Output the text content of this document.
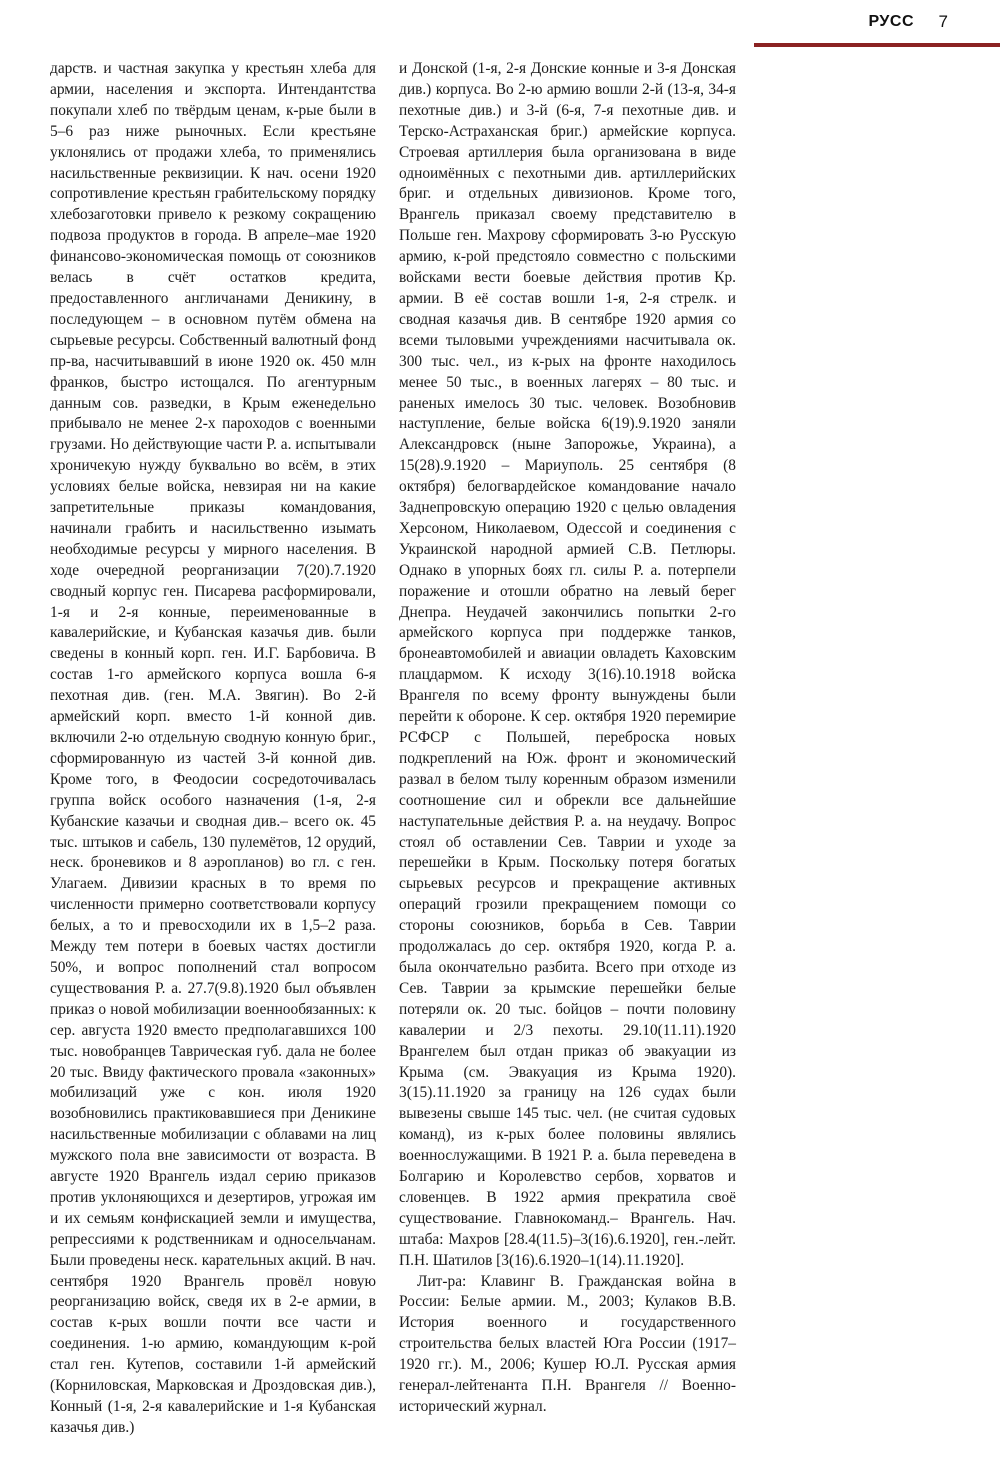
РУСС 7

дарств. и частная закупка у крестьян хлеба для армии, населения и экспорта. Интендантства покупали хлеб по твёрдым ценам, к-рые были в 5–6 раз ниже рыночных. Если крестьяне уклонялись от продажи хлеба, то применялись насильственные реквизиции. К нач. осени 1920 сопротивление крестьян грабительскому порядку хлебозаготовки привело к резкому сокращению подвоза продуктов в города. В апреле–мае 1920 финансово-экономическая помощь от союзников велась в счёт остатков кредита, предоставленного англичанами Деникину, в последующем – в основном путём обмена на сырьевые ресурсы. Собственный валютный фонд пр-ва, насчитывавший в июне 1920 ок. 450 млн франков, быстро истощался. По агентурным данным сов. разведки, в Крым еженедельно прибывало не менее 2-х пароходов с военными грузами. Но действующие части Р. а. испытывали хроничекую нужду буквально во всём, в этих условиях белые войска, невзирая ни на какие запретительные приказы командования, начинали грабить и насильственно изымать необходимые ресурсы у мирного населения. В ходе очередной реорганизации 7(20).7.1920 сводный корпус ген. Писарева расформировали, 1-я и 2-я конные, переименованные в кавалерийские, и Кубанская казачья див. были сведены в конный корп. ген. И.Г. Барбовича. В состав 1-го армейского корпуса вошла 6-я пехотная див. (ген. М.А. Звягин). Во 2-й армейский корп. вместо 1-й конной див. включили 2-ю отдельную сводную конную бриг., сформированную из частей 3-й конной див. Кроме того, в Феодосии сосредоточивалась группа войск особого назначения (1-я, 2-я Кубанские казачьи и сводная див.– всего ок. 45 тыс. штыков и сабель, 130 пулемётов, 12 орудий, неск. броневиков и 8 аэропланов) во гл. с ген. Улагаем. Дивизии красных в то время по численности примерно соответствовали корпусу белых, а то и превосходили их в 1,5–2 раза. Между тем потери в боевых частях достигли 50%, и вопрос пополнений стал вопросом существования Р. а. 27.7(9.8).1920 был объявлен приказ о новой мобилизации военнообязанных: к сер. августа 1920 вместо предполагавшихся 100 тыс. новобранцев Таврическая губ. дала не более 20 тыс. Ввиду фактического провала «законных» мобилизаций уже с кон. июля 1920 возобновились практиковавшиеся при Деникине насильственные мобилизации с облавами на лиц мужского пола вне зависимости от возраста. В августе 1920 Врангель издал серию приказов против уклоняющихся и дезертиров, угрожая им и их семьям конфискацией земли и имущества, репрессиями к родственникам и односельчанам. Были проведены неск. карательных акций. В нач. сентября 1920 Врангель провёл новую реорганизацию войск, сведя их в 2-е армии, в состав к-рых вошли почти все части и соединения. 1-ю армию, командующим к-рой стал ген. Кутепов, составили 1-й армейский (Корниловская, Марковская и Дроздовская див.), Конный (1-я, 2-я кавалерийские и 1-я Кубанская казачья див.)

и Донской (1-я, 2-я Донские конные и 3-я Донская див.) корпуса. Во 2-ю армию вошли 2-й (13-я, 34-я пехотные див.) и 3-й (6-я, 7-я пехотные див. и Терско-Астраханская бриг.) армейские корпуса. Строевая артиллерия была организована в виде одноимённых с пехотными див. артиллерийских бриг. и отдельных дивизионов. Кроме того, Врангель приказал своему представителю в Польше ген. Махрову сформировать 3-ю Русскую армию, к-рой предстояло совместно с польскими войсками вести боевые действия против Кр. армии. В её состав вошли 1-я, 2-я стрелк. и сводная казачья див. В сентябре 1920 армия со всеми тыловыми учреждениями насчитывала ок. 300 тыс. чел., из к-рых на фронте находилось менее 50 тыс., в военных лагерях – 80 тыс. и раненых имелось 30 тыс. человек. Возобновив наступление, белые войска 6(19).9.1920 заняли Александровск (ныне Запорожье, Украина), а 15(28).9.1920 – Мариуполь. 25 сентября (8 октября) белогвардейское командование начало Заднепровскую операцию 1920 с целью овладения Херсоном, Николаевом, Одессой и соединения с Украинской народной армией С.В. Петлюры. Однако в упорных боях гл. силы Р. а. потерпели поражение и отошли обратно на левый берег Днепра. Неудачей закончились попытки 2-го армейского корпуса при поддержке танков, бронеавтомобилей и авиации овладеть Каховским плацдармом. К исходу 3(16).10.1918 войска Врангеля по всему фронту вынуждены были перейти к обороне. К сер. октября 1920 перемирие РСФСР с Польшей, переброска новых подкреплений на Юж. фронт и экономический развал в белом тылу коренным образом изменили соотношение сил и обрекли все дальнейшие наступательные действия Р. а. на неудачу. Вопрос стоял об оставлении Сев. Таврии и уходе за перешейки в Крым. Поскольку потеря богатых сырьевых ресурсов и прекращение активных операций грозили прекращением помощи со стороны союзников, борьба в Сев. Таврии продолжалась до сер. октября 1920, когда Р. а. была окончательно разбита. Всего при отходе из Сев. Таврии за крымские перешейки белые потеряли ок. 20 тыс. бойцов – почти половину кавалерии и 2/3 пехоты. 29.10(11.11).1920 Врангелем был отдан приказ об эвакуации из Крыма (см. Эвакуация из Крыма 1920). 3(15).11.1920 за границу на 126 судах были вывезены свыше 145 тыс. чел. (не считая судовых команд), из к-рых более половины являлись военнослужащими. В 1921 Р. а. была переведена в Болгарию и Королевство сербов, хорватов и словенцев. В 1922 армия прекратила своё существование. Главнокоманд.– Врангель. Нач. штаба: Махров [28.4(11.5)–3(16).6.1920], ген.-лейт. П.Н. Шатилов [3(16).6.1920–1(14).11.1920].

Лит-ра: Клавинг В. Гражданская война в России: Белые армии. М., 2003; Кулаков В.В. История военного и государственного строительства белых властей Юга России (1917–1920 гг.). М., 2006; Кушер Ю.Л. Русская армия генерал-лейтенанта П.Н. Врангеля // Военно-исторический журнал.
